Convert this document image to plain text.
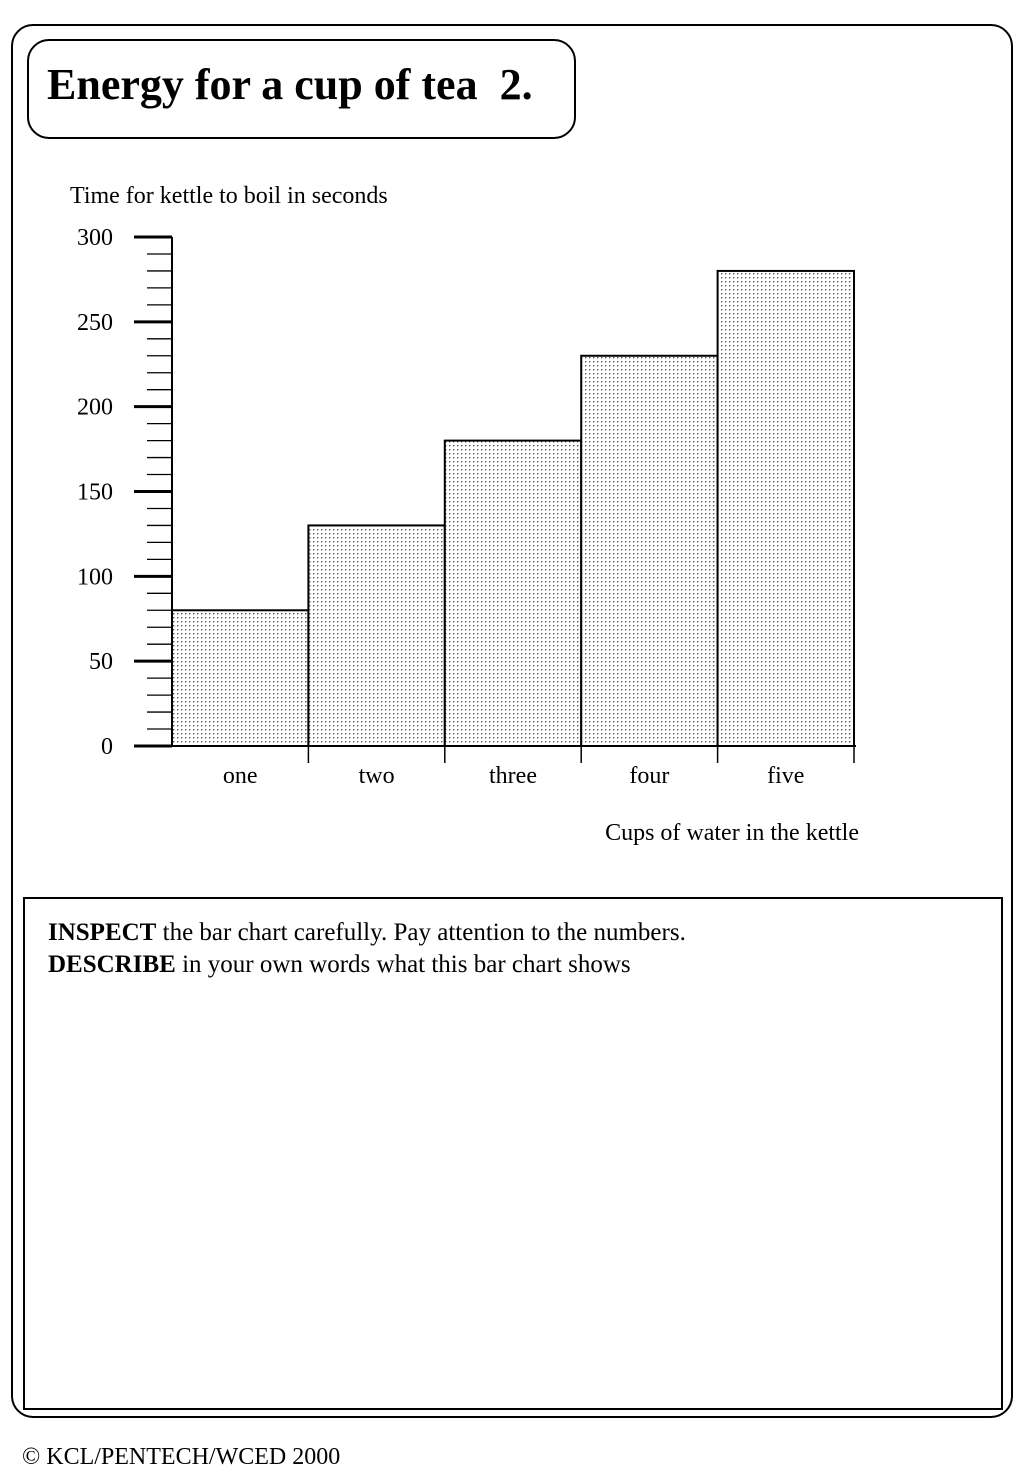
Energy for a cup of tea  2.
Time for kettle to boil in seconds
Cups of water in the kettle
0
50
100
150
200
250
300
one	two	three	four	five
INSPECT the bar chart carefully. Pay attention to the numbers.
DESCRIBE in your own words what this bar chart shows
© KCL/PENTECH/WCED 2000
